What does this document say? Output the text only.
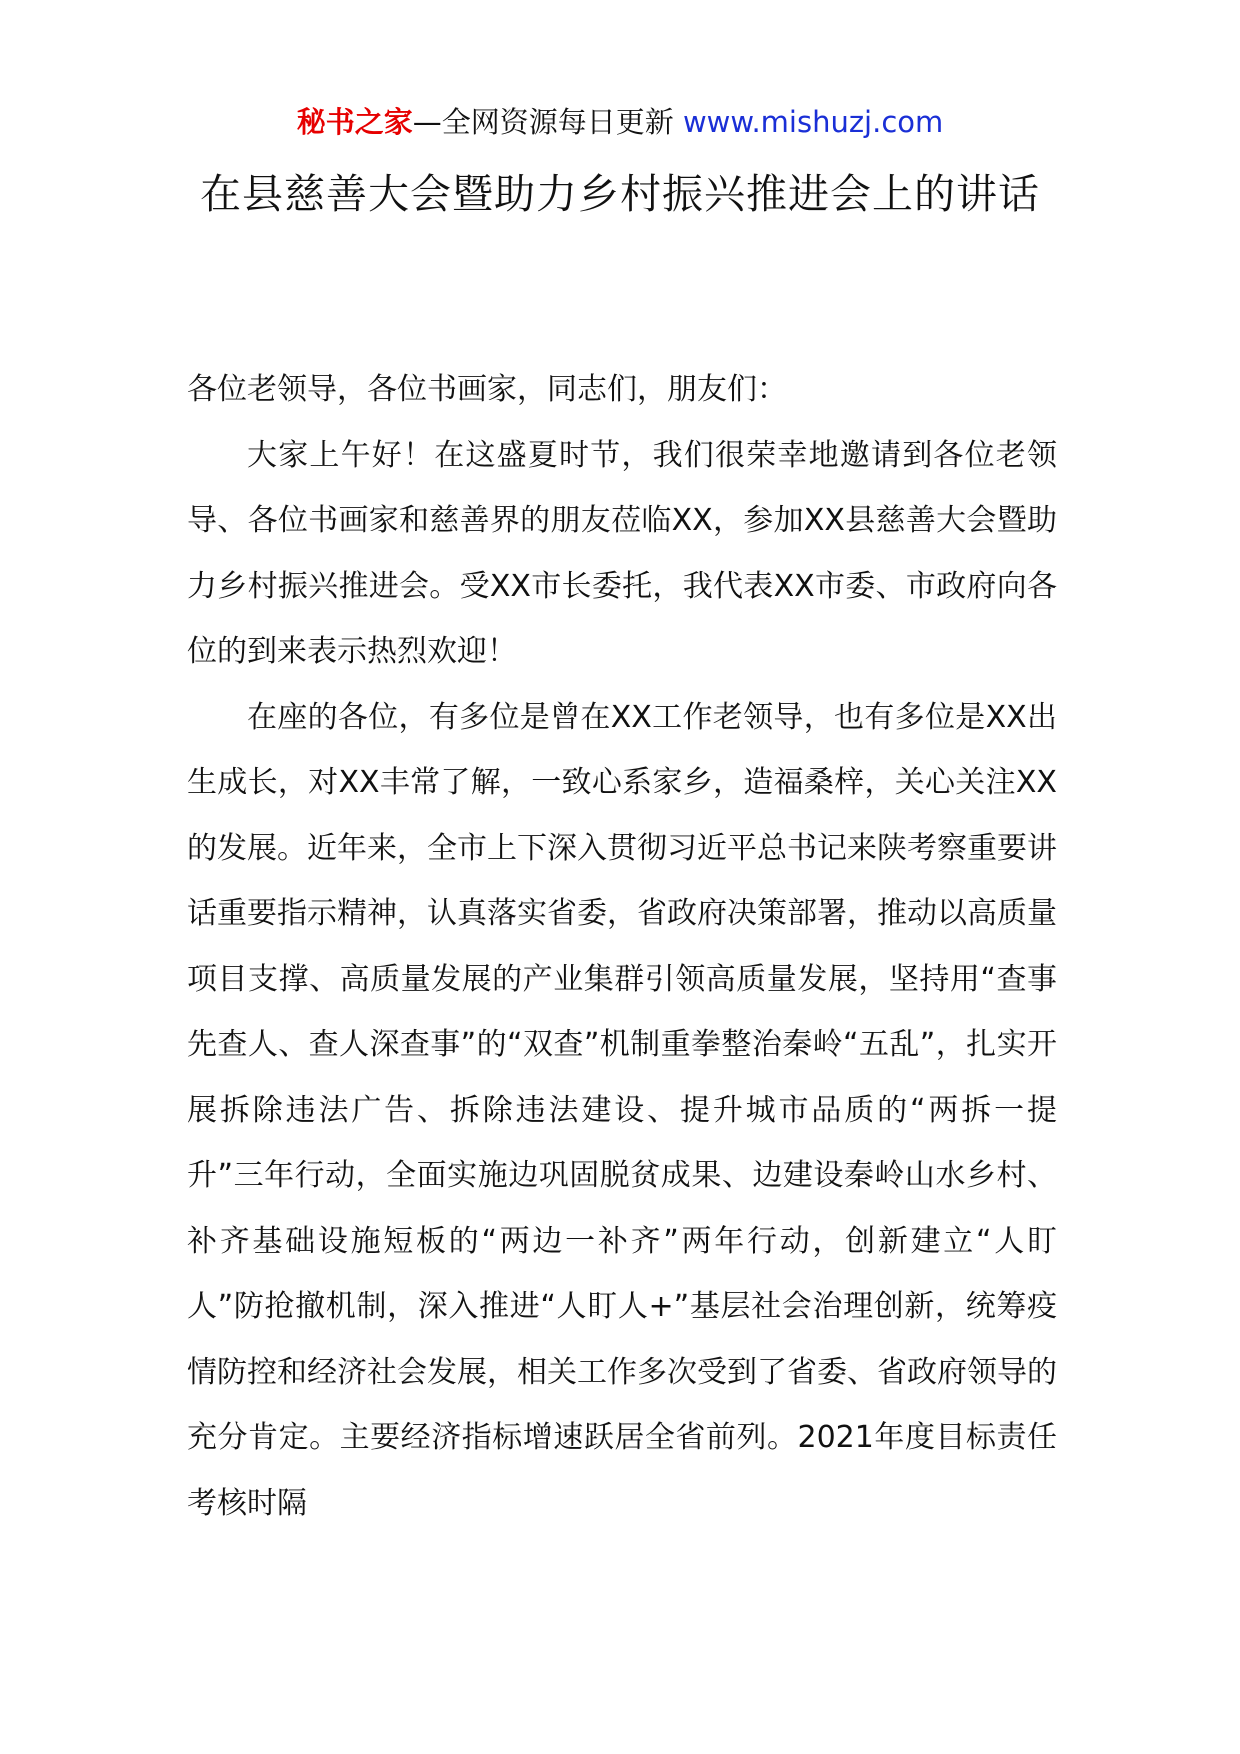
秘书之家—全网资源每日更新 www.mishuzj.com
在县慈善大会暨助力乡村振兴推进会上的讲话

各位老领导，各位书画家，同志们，朋友们：

大家上午好！在这盛夏时节，我们很荣幸地邀请到各位老领导、各位书画家和慈善界的朋友莅临XX，参加XX县慈善大会暨助力乡村振兴推进会。受XX市长委托，我代表XX市委、市政府向各位的到来表示热烈欢迎！

在座的各位，有多位是曾在XX工作老领导，也有多位是XX出生成长，对XX丰常了解，一致心系家乡，造福桑梓，关心关注XX的发展。近年来，全市上下深入贯彻习近平总书记来陕考察重要讲话重要指示精神，认真落实省委，省政府决策部署，推动以高质量项目支撑、高质量发展的产业集群引领高质量发展，坚持用“查事先查人、查人深查事”的“双查”机制重拳整治秦岭“五乱”，扎实开展拆除违法广告、拆除违法建设、提升城市品质的“两拆一提升”三年行动，全面实施边巩固脱贫成果、边建设秦岭山水乡村、补齐基础设施短板的“两边一补齐”两年行动，创新建立“人盯人”防抢撤机制，深入推进“人盯人+”基层社会治理创新，统筹疫情防控和经济社会发展，相关工作多次受到了省委、省政府领导的充分肯定。主要经济指标增速跃居全省前列。2021年度目标责任考核时隔
